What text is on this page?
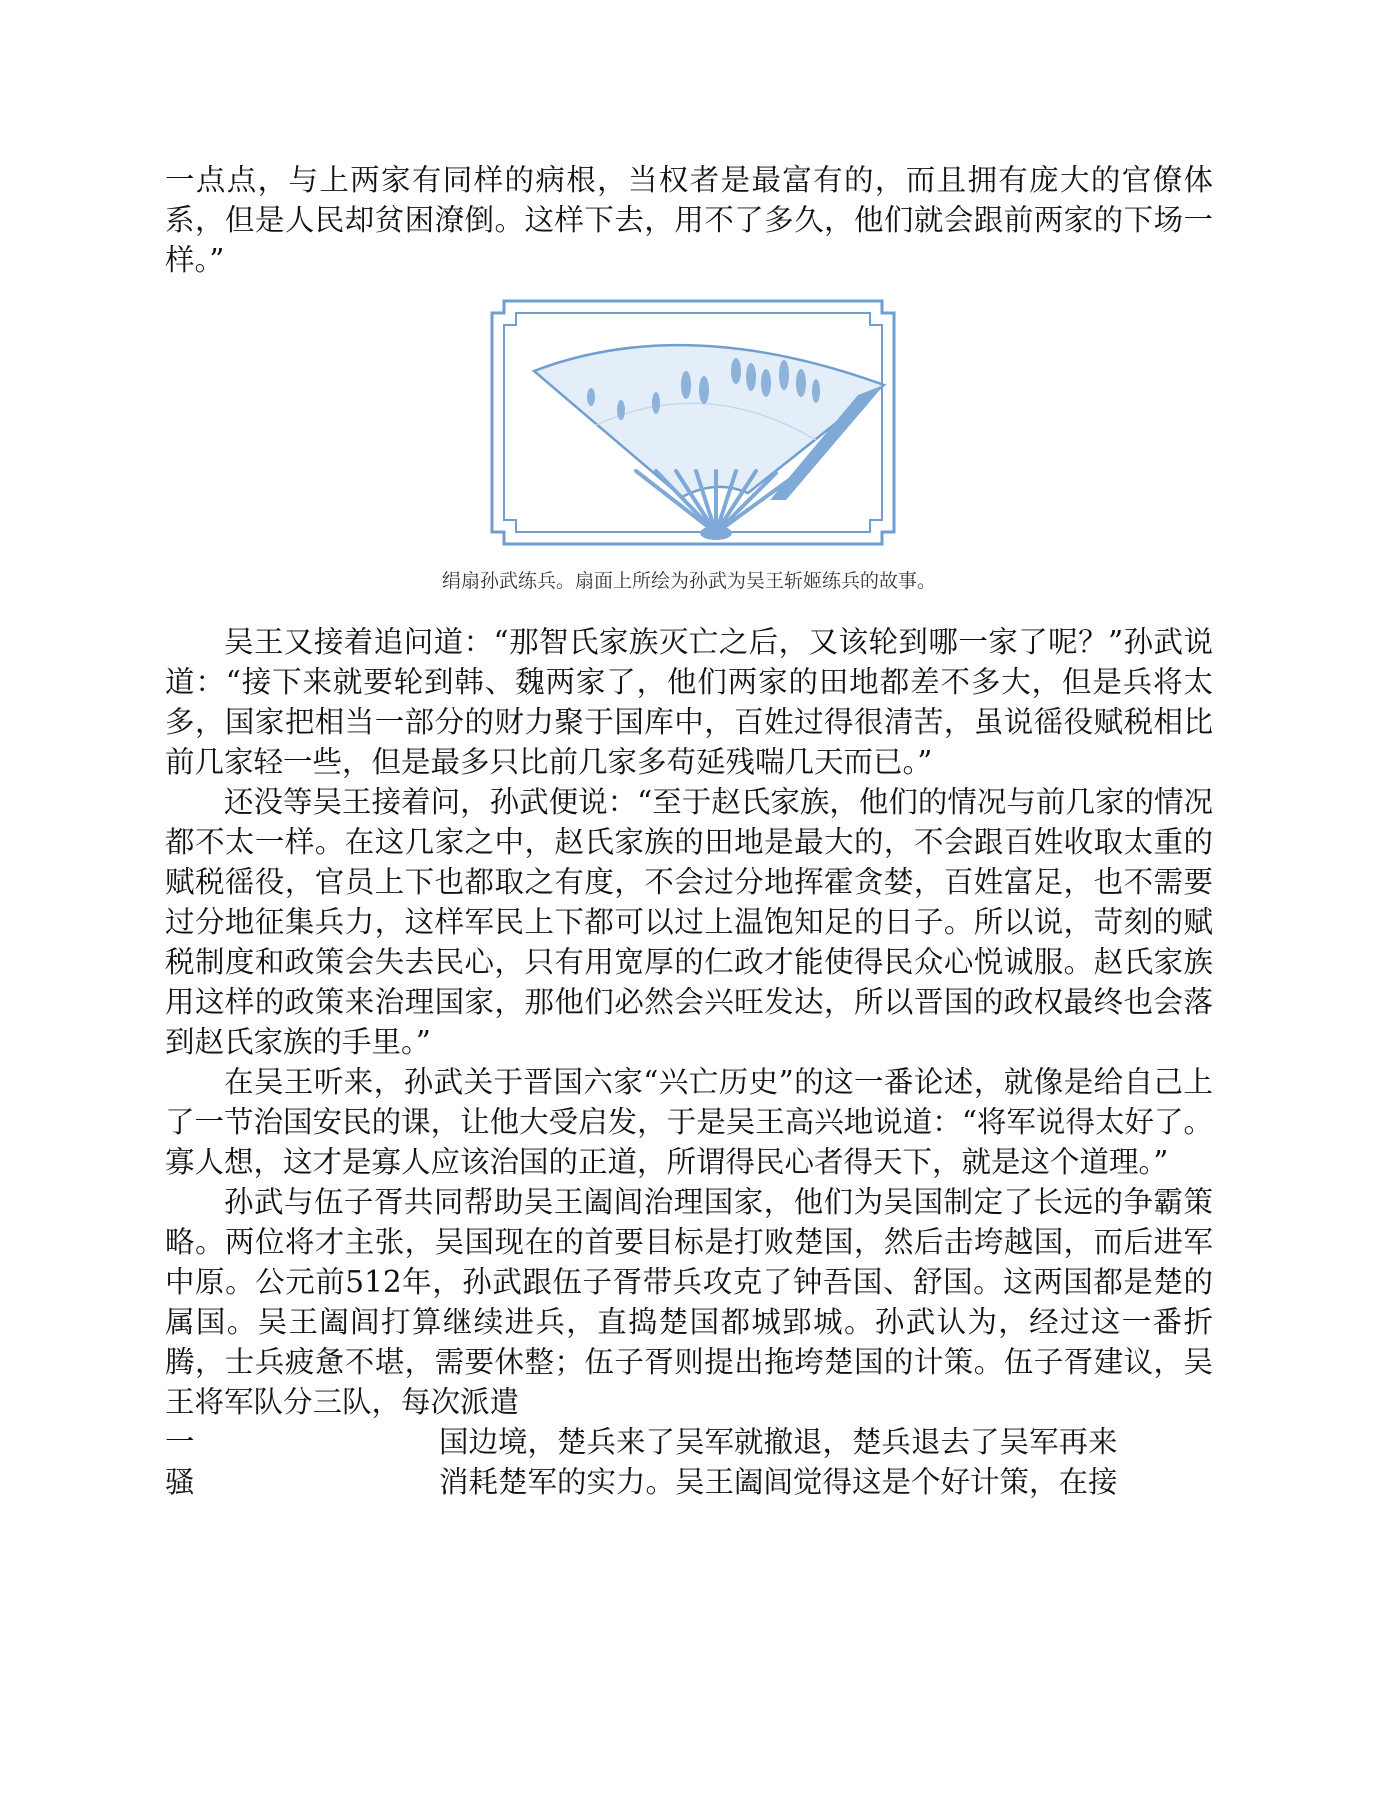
一点点，与上两家有同样的病根，当权者是最富有的，而且拥有庞大的官僚体系，但是人民却贫困潦倒。这样下去，用不了多久，他们就会跟前两家的下场一样。”

绢扇孙武练兵。扇面上所绘为孙武为吴王斩姬练兵的故事。

吴王又接着追问道：“那智氏家族灭亡之后，又该轮到哪一家了呢？”孙武说道：“接下来就要轮到韩、魏两家了，他们两家的田地都差不多大，但是兵将太多，国家把相当一部分的财力聚于国库中，百姓过得很清苦，虽说徭役赋税相比前几家轻一些，但是最多只比前几家多苟延残喘几天而已。”

还没等吴王接着问，孙武便说：“至于赵氏家族，他们的情况与前几家的情况都不太一样。在这几家之中，赵氏家族的田地是最大的，不会跟百姓收取太重的赋税徭役，官员上下也都取之有度，不会过分地挥霍贪婪，百姓富足，也不需要过分地征集兵力，这样军民上下都可以过上温饱知足的日子。所以说，苛刻的赋税制度和政策会失去民心，只有用宽厚的仁政才能使得民众心悦诚服。赵氏家族用这样的政策来治理国家，那他们必然会兴旺发达，所以晋国的政权最终也会落到赵氏家族的手里。”

在吴王听来，孙武关于晋国六家“兴亡历史”的这一番论述，就像是给自己上了一节治国安民的课，让他大受启发，于是吴王高兴地说道：“将军说得太好了。寡人想，这才是寡人应该治国的正道，所谓得民心者得天下，就是这个道理。”

孙武与伍子胥共同帮助吴王阖闾治理国家，他们为吴国制定了长远的争霸策略。两位将才主张，吴国现在的首要目标是打败楚国，然后击垮越国，而后进军中原。公元前512年，孙武跟伍子胥带兵攻克了钟吾国、舒国。这两国都是楚的属国。吴王阖闾打算继续进兵，直捣楚国都城郢城。孙武认为，经过这一番折腾，士兵疲惫不堪，需要休整；伍子胥则提出拖垮楚国的计策。伍子胥建议，吴王将军队分三队，每次派遣

一	国边境，楚兵来了吴军就撤退，楚兵退去了吴军再来
骚	消耗楚军的实力。吴王阖闾觉得这是个好计策，在接
